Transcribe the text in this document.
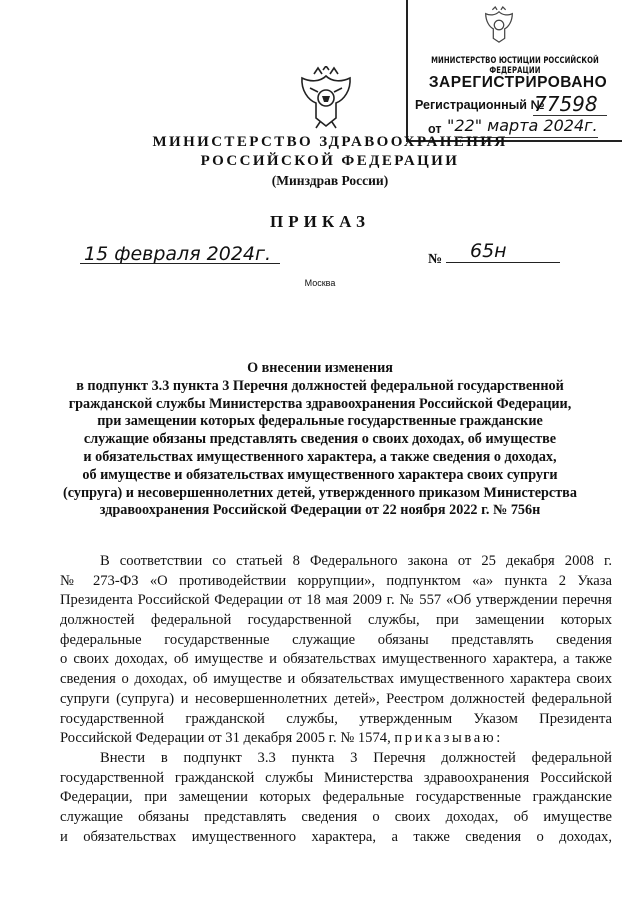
МИНИСТЕРСТВО ЮСТИЦИИ РОССИЙСКОЙ ФЕДЕРАЦИИ
ЗАРЕГИСТРИРОВАНО
Регистрационный №
77598
от "22" марта 2024г.
МИНИСТЕРСТВО ЗДРАВООХРАНЕНИЯ
РОССИЙСКОЙ ФЕДЕРАЦИИ
(Минздрав России)
ПРИКАЗ
15 февраля 2024г.	№ 65н
Москва
О внесении изменения
в подпункт 3.3 пункта 3 Перечня должностей федеральной государственной
гражданской службы Министерства здравоохранения Российской Федерации,
при замещении которых федеральные государственные гражданские
служащие обязаны представлять сведения о своих доходах, об имуществе
и обязательствах имущественного характера, а также сведения о доходах,
об имуществе и обязательствах имущественного характера своих супруги
(супруга) и несовершеннолетних детей, утвержденного приказом Министерства
здравоохранения Российской Федерации от 22 ноября 2022 г. № 756н
В соответствии со статьей 8 Федерального закона от 25 декабря 2008 г.
№ 273-ФЗ «О противодействии коррупции», подпунктом «а» пункта 2 Указа
Президента Российской Федерации от 18 мая 2009 г. № 557 «Об утверждении перечня
должностей федеральной государственной службы, при замещении которых
федеральные государственные служащие обязаны представлять сведения
о своих доходах, об имуществе и обязательствах имущественного характера, а также
сведения о доходах, об имуществе и обязательствах имущественного характера своих
супруги (супруга) и несовершеннолетних детей», Реестром должностей федеральной
государственной гражданской службы, утвержденным Указом Президента
Российской Федерации от 31 декабря 2005 г. № 1574, приказываю:
Внести в подпункт 3.3 пункта 3 Перечня должностей федеральной
государственной гражданской службы Министерства здравоохранения Российской
Федерации, при замещении которых федеральные государственные гражданские
служащие обязаны представлять сведения о своих доходах, об имуществе
и обязательствах имущественного характера, а также сведения о доходах,
